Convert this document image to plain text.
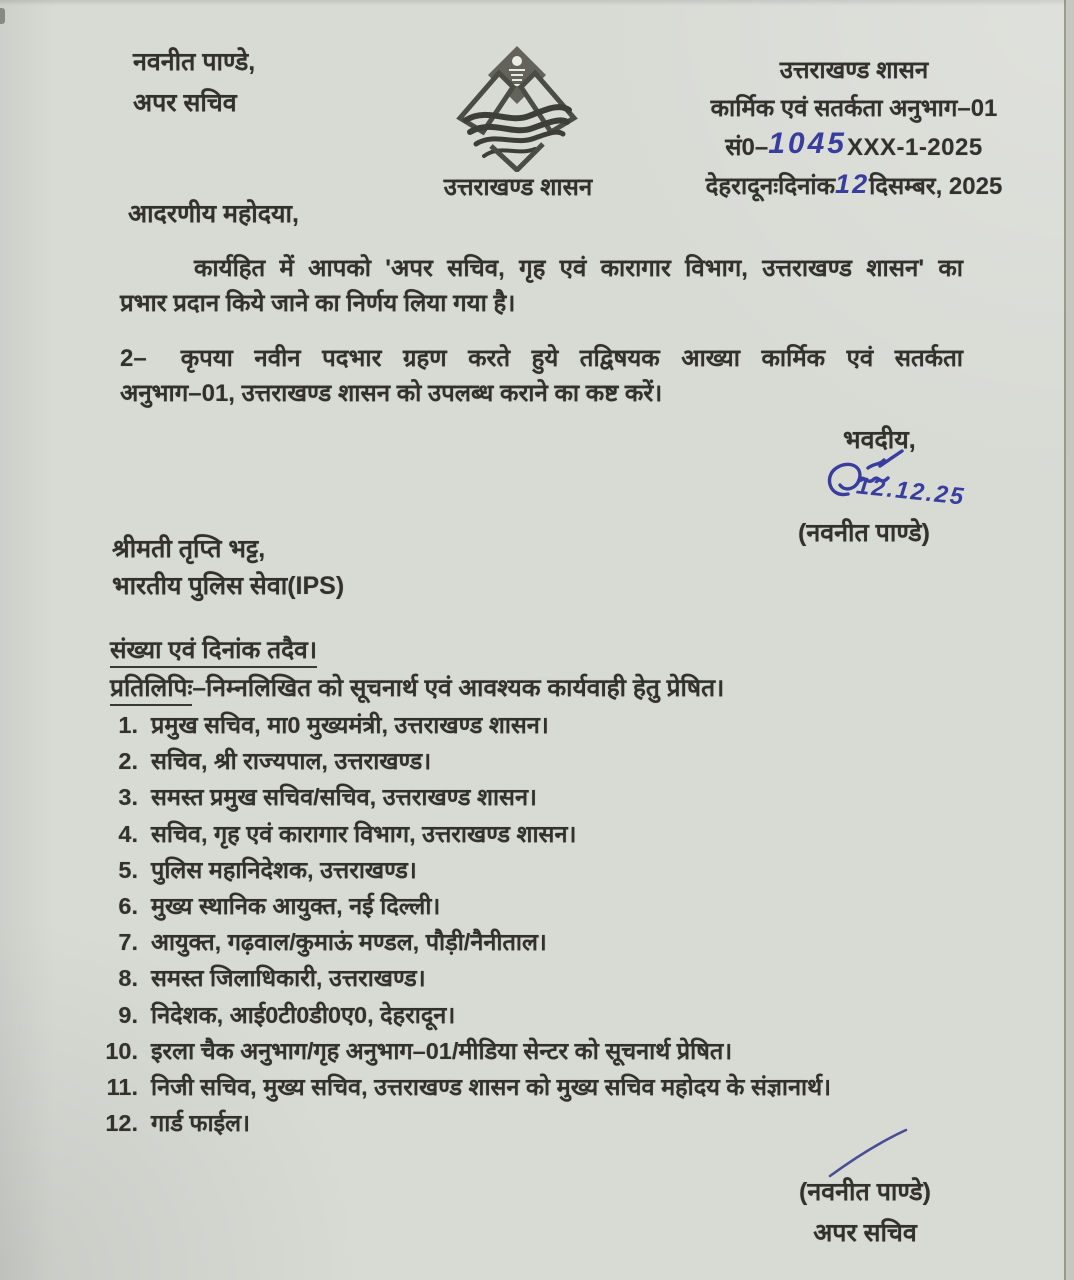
नवनीत पाण्डे,
अपर सचिव
उत्तराखण्ड शासन
उत्तराखण्ड शासन
कार्मिक एवं सतर्कता अनुभाग–01
सं0–1045XXX-1-2025
देहरादूनःदिनांक12दिसम्बर, 2025
आदरणीय महोदया,
कार्यहित में आपको 'अपर सचिव, गृह एवं कारागार विभाग, उत्तराखण्ड शासन' का
प्रभार प्रदान किये जाने का निर्णय लिया गया है।
2– कृपया नवीन पदभार ग्रहण करते हुये तद्विषयक आख्या कार्मिक एवं सतर्कता
अनुभाग–01, उत्तराखण्ड शासन को उपलब्ध कराने का कष्ट करें।
भवदीय,
12.12.25
(नवनीत पाण्डे)
श्रीमती तृप्ति भट्ट,
भारतीय पुलिस सेवा(IPS)
संख्या एवं दिनांक तदैव।
प्रतिलिपिः–निम्नलिखित को सूचनार्थ एवं आवश्यक कार्यवाही हेतु प्रेषित।
1. प्रमुख सचिव, मा0 मुख्यमंत्री, उत्तराखण्ड शासन।
2. सचिव, श्री राज्यपाल, उत्तराखण्ड।
3. समस्त प्रमुख सचिव/सचिव, उत्तराखण्ड शासन।
4. सचिव, गृह एवं कारागार विभाग, उत्तराखण्ड शासन।
5. पुलिस महानिदेशक, उत्तराखण्ड।
6. मुख्य स्थानिक आयुक्त, नई दिल्ली।
7. आयुक्त, गढ़वाल/कुमाऊं मण्डल, पौड़ी/नैनीताल।
8. समस्त जिलाधिकारी, उत्तराखण्ड।
9. निदेशक, आई0टी0डी0ए0, देहरादून।
10. इरला चैक अनुभाग/गृह अनुभाग–01/मीडिया सेन्टर को सूचनार्थ प्रेषित।
11. निजी सचिव, मुख्य सचिव, उत्तराखण्ड शासन को मुख्य सचिव महोदय के संज्ञानार्थ।
12. गार्ड फाईल।
(नवनीत पाण्डे)
अपर सचिव
